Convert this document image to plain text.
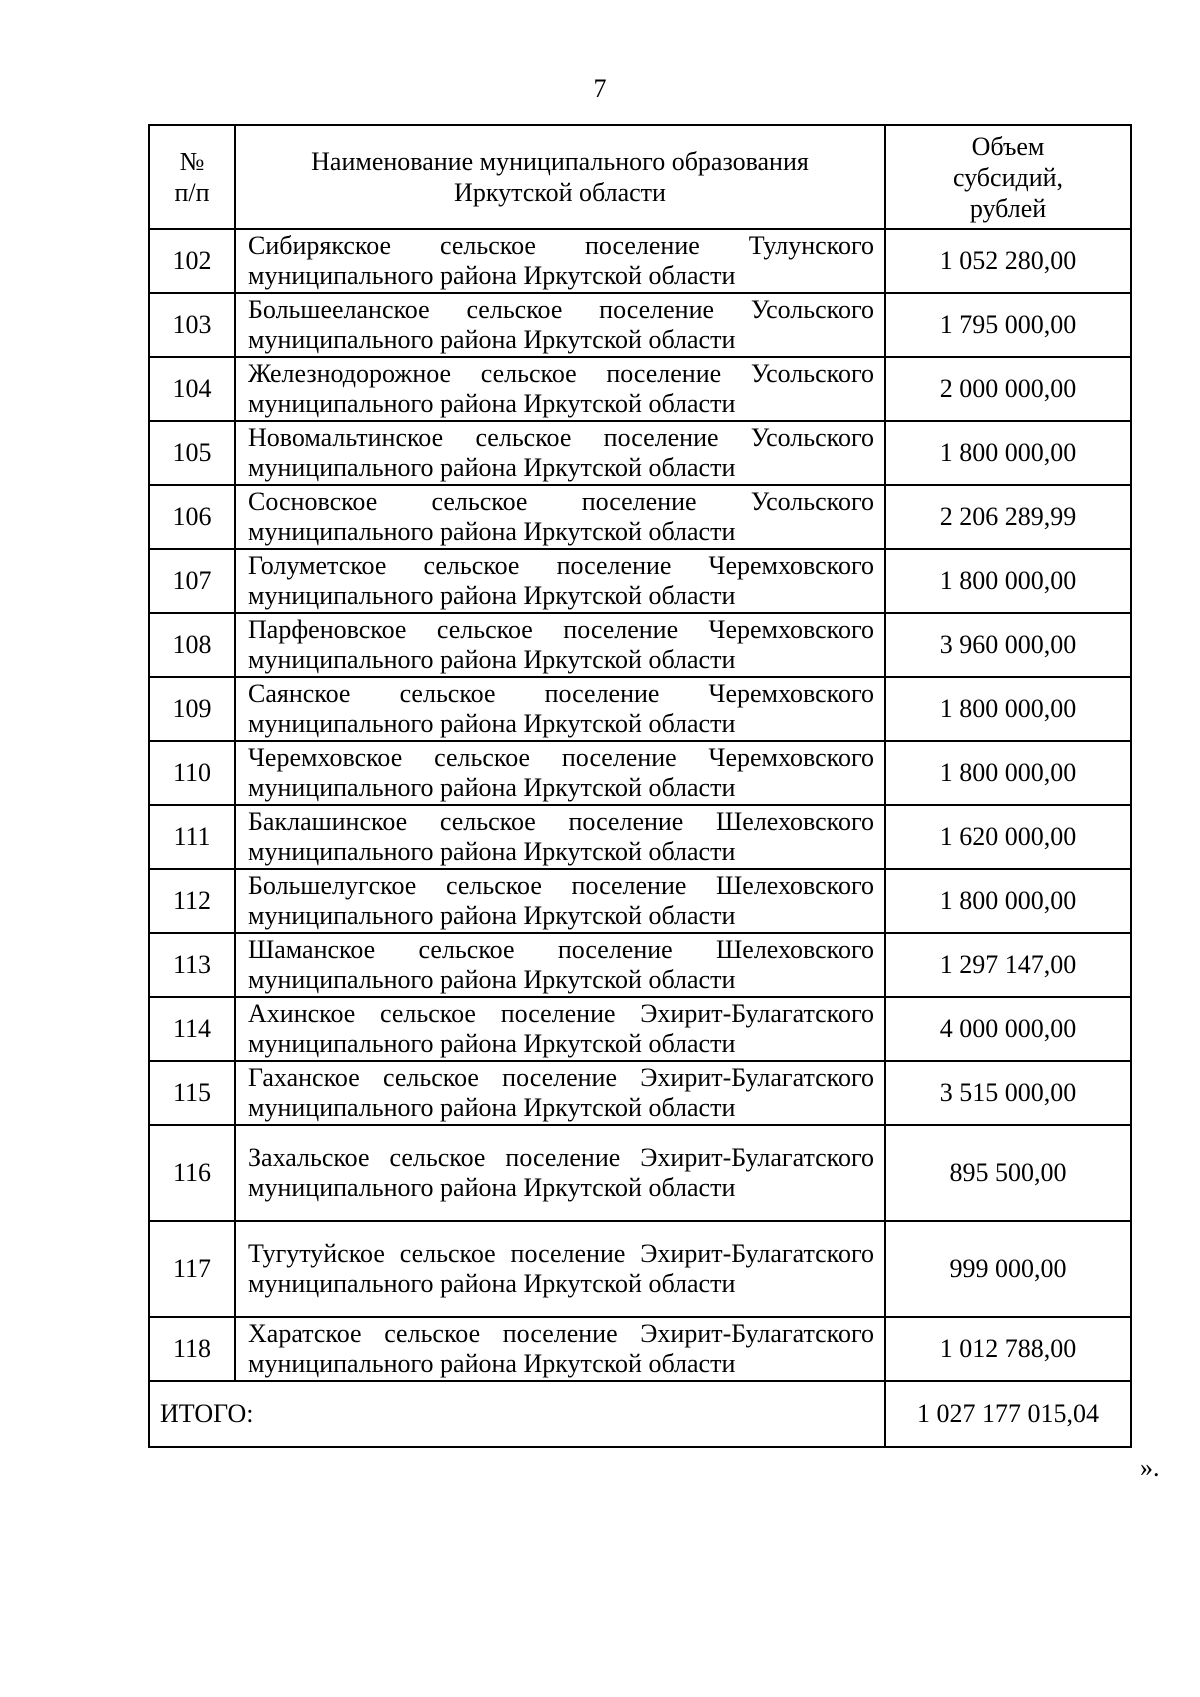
7
№ п/п	Наименование муниципального образования Иркутской области	Объем субсидий, рублей
102	Сибирякское сельское поселение Тулунского муниципального района Иркутской области	1 052 280,00
103	Большееланское сельское поселение Усольского муниципального района Иркутской области	1 795 000,00
104	Железнодорожное сельское поселение Усольского муниципального района Иркутской области	2 000 000,00
105	Новомальтинское сельское поселение Усольского муниципального района Иркутской области	1 800 000,00
106	Сосновское сельское поселение Усольского муниципального района Иркутской области	2 206 289,99
107	Голуметское сельское поселение Черемховского муниципального района Иркутской области	1 800 000,00
108	Парфеновское сельское поселение Черемховского муниципального района Иркутской области	3 960 000,00
109	Саянское сельское поселение Черемховского муниципального района Иркутской области	1 800 000,00
110	Черемховское сельское поселение Черемховского муниципального района Иркутской области	1 800 000,00
111	Баклашинское сельское поселение Шелеховского муниципального района Иркутской области	1 620 000,00
112	Большелугское сельское поселение Шелеховского муниципального района Иркутской области	1 800 000,00
113	Шаманское сельское поселение Шелеховского муниципального района Иркутской области	1 297 147,00
114	Ахинское сельское поселение Эхирит-Булагатского муниципального района Иркутской области	4 000 000,00
115	Гаханское сельское поселение Эхирит-Булагатского муниципального района Иркутской области	3 515 000,00
116	Захальское сельское поселение Эхирит-Булагатского муниципального района Иркутской области	895 500,00
117	Тугутуйское сельское поселение Эхирит-Булагатского муниципального района Иркутской области	999 000,00
118	Харатское сельское поселение Эхирит-Булагатского муниципального района Иркутской области	1 012 788,00
ИТОГО:		1 027 177 015,04
».
